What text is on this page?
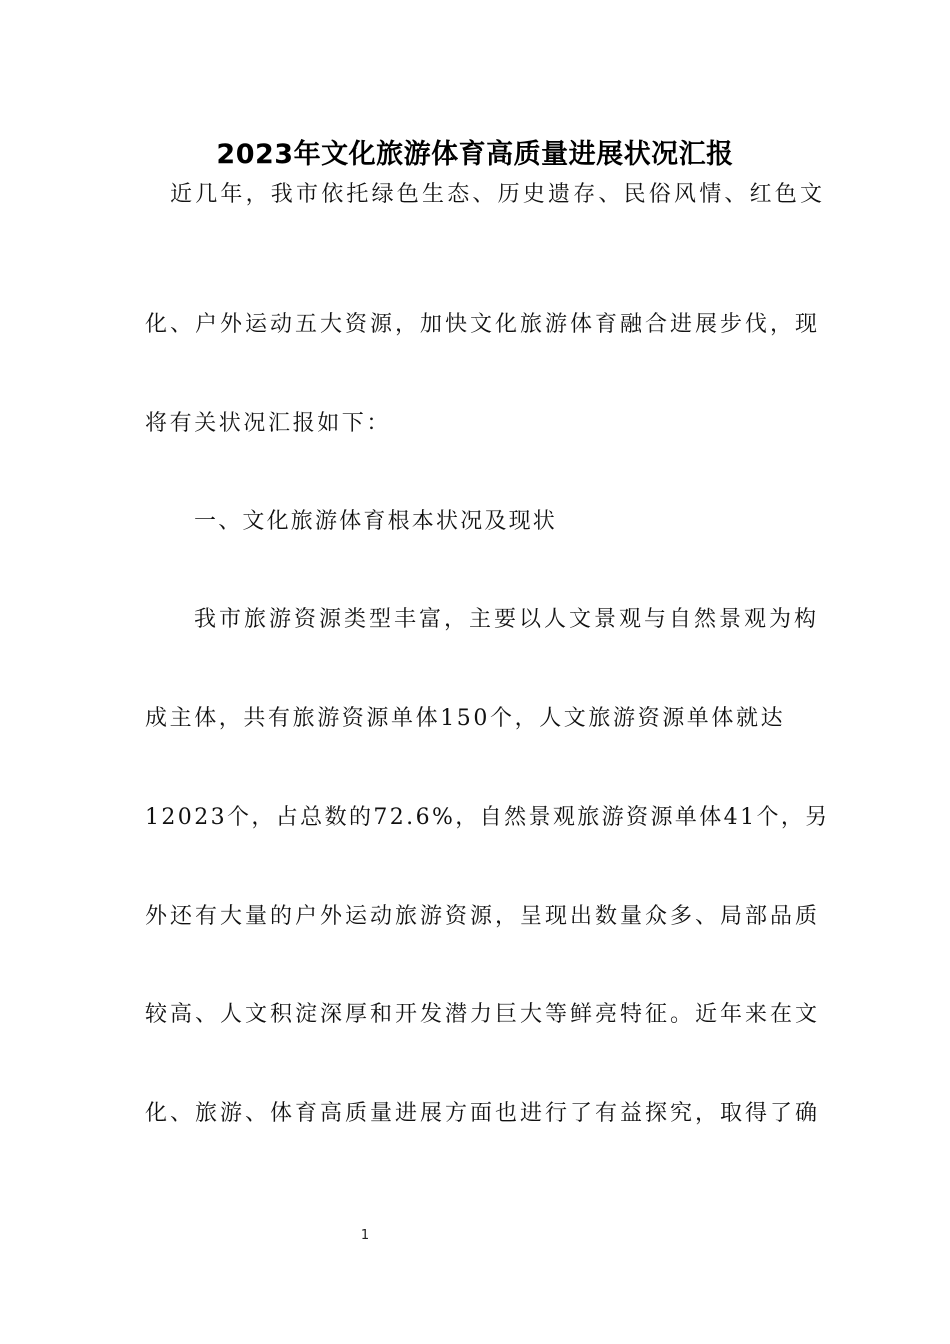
2023年文化旅游体育高质量进展状况汇报
近几年，我市依托绿色生态、历史遗存、民俗风情、红色文
化、户外运动五大资源，加快文化旅游体育融合进展步伐，现
将有关状况汇报如下：
一、文化旅游体育根本状况及现状
我市旅游资源类型丰富，主要以人文景观与自然景观为构
成主体，共有旅游资源单体150个，人文旅游资源单体就达
12023个，占总数的72.6%，自然景观旅游资源单体41个，另
外还有大量的户外运动旅游资源，呈现出数量众多、局部品质
较高、人文积淀深厚和开发潜力巨大等鲜亮特征。近年来在文
化、旅游、体育高质量进展方面也进行了有益探究，取得了确
1
